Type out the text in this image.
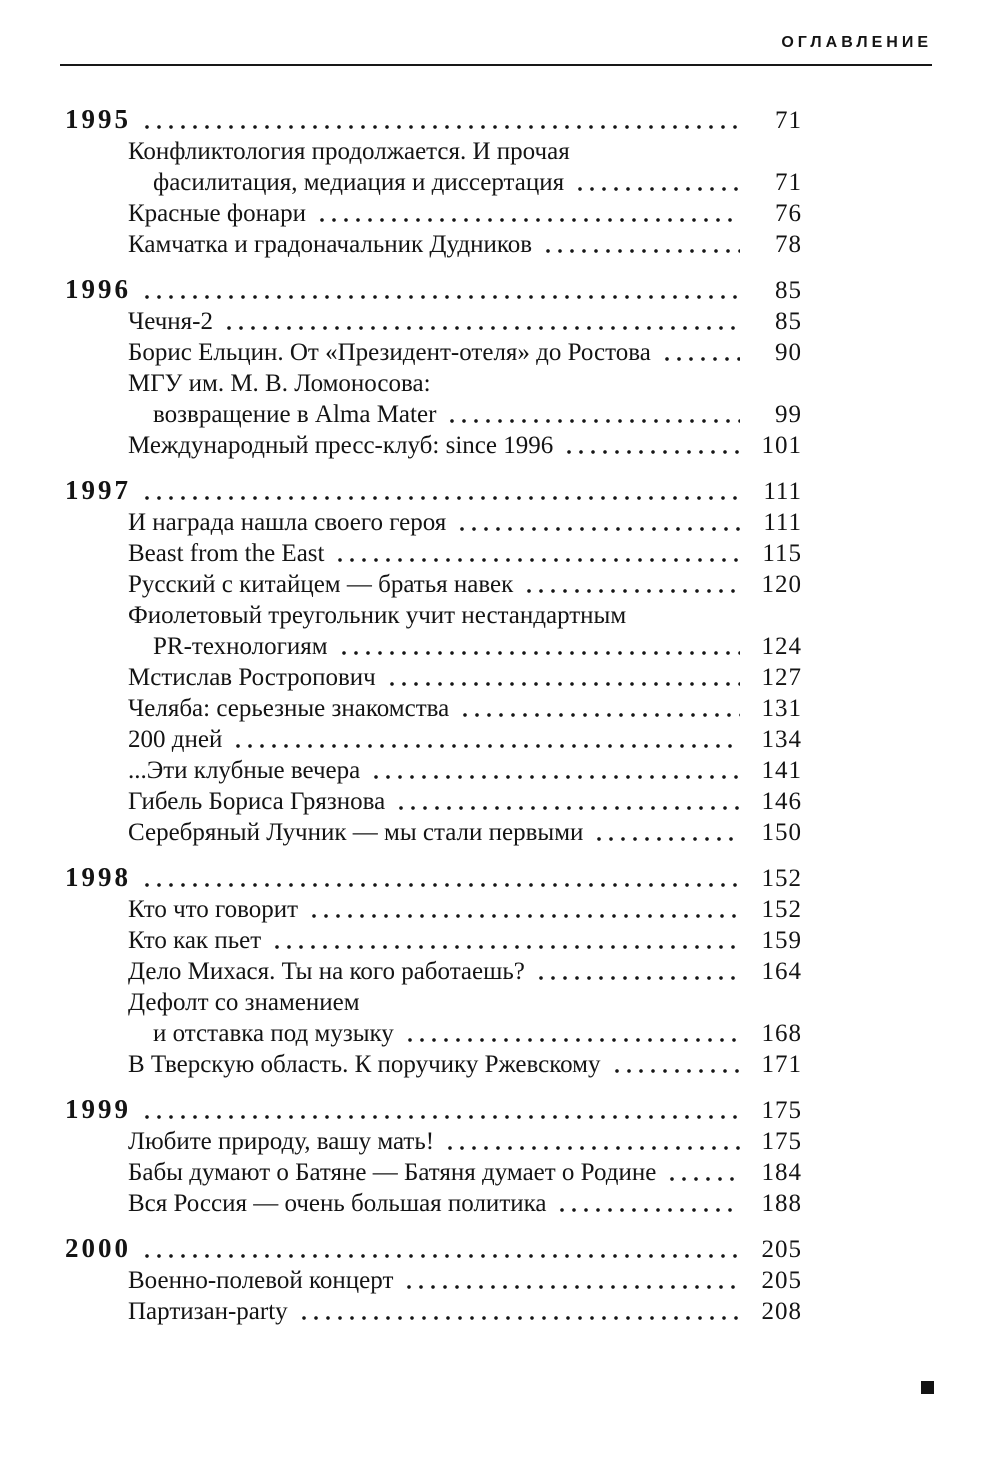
ОГЛАВЛЕНИЕ
1995	71
Конфликтология продолжается. И прочая
фасилитация, медиация и диссертация	71
Красные фонари	76
Камчатка и градоначальник Дудников	78
1996	85
Чечня-2	85
Борис Ельцин. От «Президент-отеля» до Ростова	90
МГУ им. М. В. Ломоносова:
возвращение в Alma Mater	99
Международный пресс-клуб: since 1996	101
1997	111
И награда нашла своего героя	111
Beast from the East	115
Русский с китайцем — братья навек	120
Фиолетовый треугольник учит нестандартным
PR-технологиям	124
Мстислав Ростропович	127
Челяба: серьезные знакомства	131
200 дней	134
...Эти клубные вечера	141
Гибель Бориса Грязнова	146
Серебряный Лучник — мы стали первыми	150
1998	152
Кто что говорит	152
Кто как пьет	159
Дело Михася. Ты на кого работаешь?	164
Дефолт со знамением
и отставка под музыку	168
В Тверскую область. К поручику Ржевскому	171
1999	175
Любите природу, вашу мать!	175
Бабы думают о Батяне — Батяня думает о Родине	184
Вся Россия — очень большая политика	188
2000	205
Военно-полевой концерт	205
Партизан-party	208
